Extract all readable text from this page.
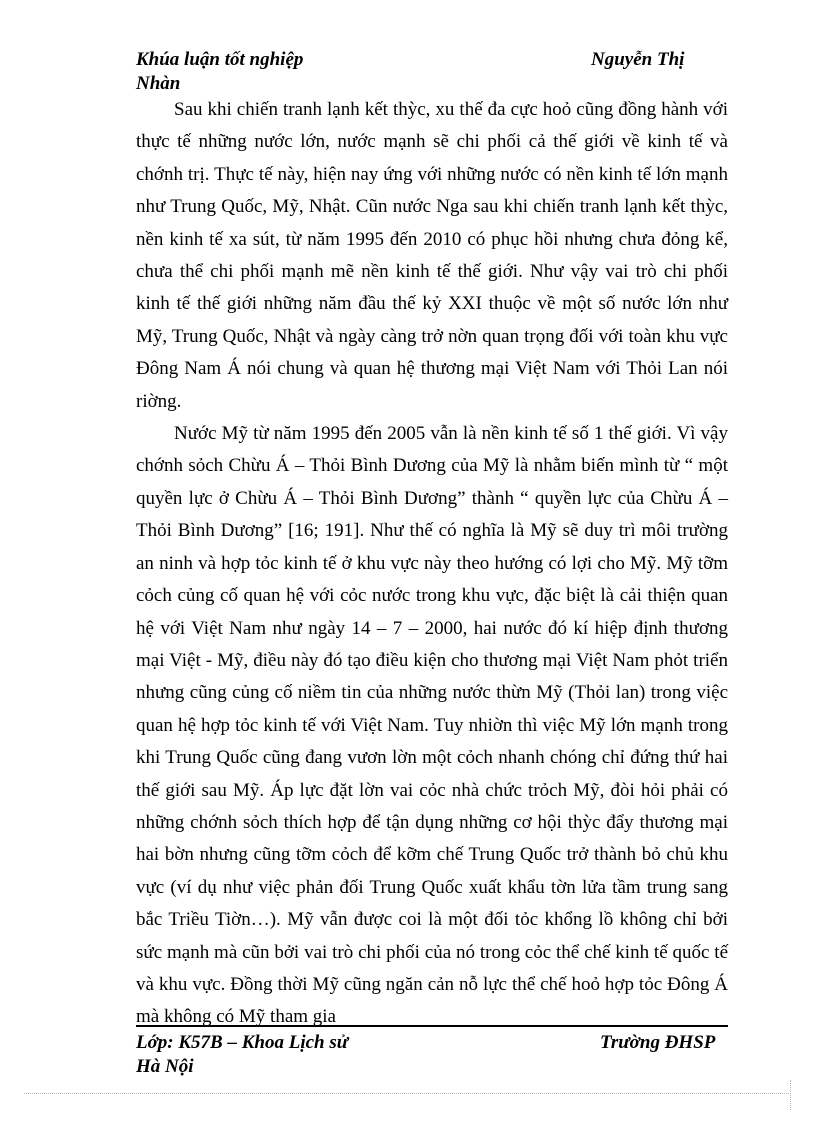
Khúa luận tốt nghiệp	Nguyễn Thị
Nhàn

Sau khi chiến tranh lạnh kết thỳc, xu thế đa cực hoỏ cũng đồng hành với thực tế những nước lớn, nước mạnh sẽ chi phối cả thế giới về kinh tế và chớnh trị. Thực tế này, hiện nay ứng với những nước có nền kinh tế lớn mạnh như Trung Quốc, Mỹ, Nhật. Cũn nước Nga sau khi chiến tranh lạnh kết thỳc, nền kinh tế xa sút, từ năm 1995 đến 2010 có phục hồi nhưng chưa đỏng kể, chưa thể chi phối mạnh mẽ nền kinh tế thế giới. Như vậy vai trò chi phối kinh tế thế giới những năm đầu thế kỷ XXI thuộc về một số nước lớn như Mỹ, Trung Quốc, Nhật và ngày càng trở nờn quan trọng đối với toàn khu vực Đông Nam Á nói chung và quan hệ thương mại Việt Nam với Thỏi Lan nói riờng.

Nước Mỹ từ năm 1995 đến 2005 vẫn là nền kinh tế số 1 thế giới. Vì vậy chớnh sỏch Chừu Á – Thỏi Bình Dương của Mỹ là nhằm biến mình từ “ một quyền lực ở Chừu Á – Thỏi Bình Dương” thành “ quyền lực của Chừu Á – Thỏi Bình Dương” [16; 191]. Như thế có nghĩa là Mỹ sẽ duy trì môi trường an ninh và hợp tỏc kinh tế ở khu vực này theo hướng có lợi cho Mỹ. Mỹ tỡm cỏch củng cố quan hệ với cỏc nước trong khu vực, đặc biệt là cải thiện quan hệ với Việt Nam như ngày 14 – 7 – 2000, hai nước đó kí hiệp định thương mại Việt - Mỹ, điều này đó tạo điều kiện cho thương mại Việt Nam phỏt triển nhưng cũng củng cố niềm tin của những nước thừn Mỹ (Thỏi lan) trong việc quan hệ hợp tỏc kinh tế với Việt Nam. Tuy nhiờn thì việc Mỹ lớn mạnh trong khi Trung Quốc cũng đang vươn lờn một cỏch nhanh chóng chỉ đứng thứ hai thế giới sau Mỹ. Áp lực đặt lờn vai cỏc nhà chức trỏch Mỹ, đòi hỏi phải có những chớnh sỏch thích hợp để tận dụng những cơ hội thỳc đẩy thương mại hai bờn nhưng cũng tỡm cỏch để kỡm chế Trung Quốc trở thành bỏ chủ khu vực (ví dụ như việc phản đối Trung Quốc xuất khẩu tờn lửa tầm trung sang bắc Triều Tiờn…). Mỹ vẫn được coi là một đối tỏc khổng lồ không chỉ bởi sức mạnh mà cũn bởi vai trò chi phối của nó trong cỏc thể chế kinh tế quốc tế và khu vực. Đồng thời Mỹ cũng ngăn cản nỗ lực thể chế hoỏ hợp tỏc Đông Á mà không có Mỹ tham gia

Lớp: K57B – Khoa Lịch sử	Trường ĐHSP
Hà Nội
